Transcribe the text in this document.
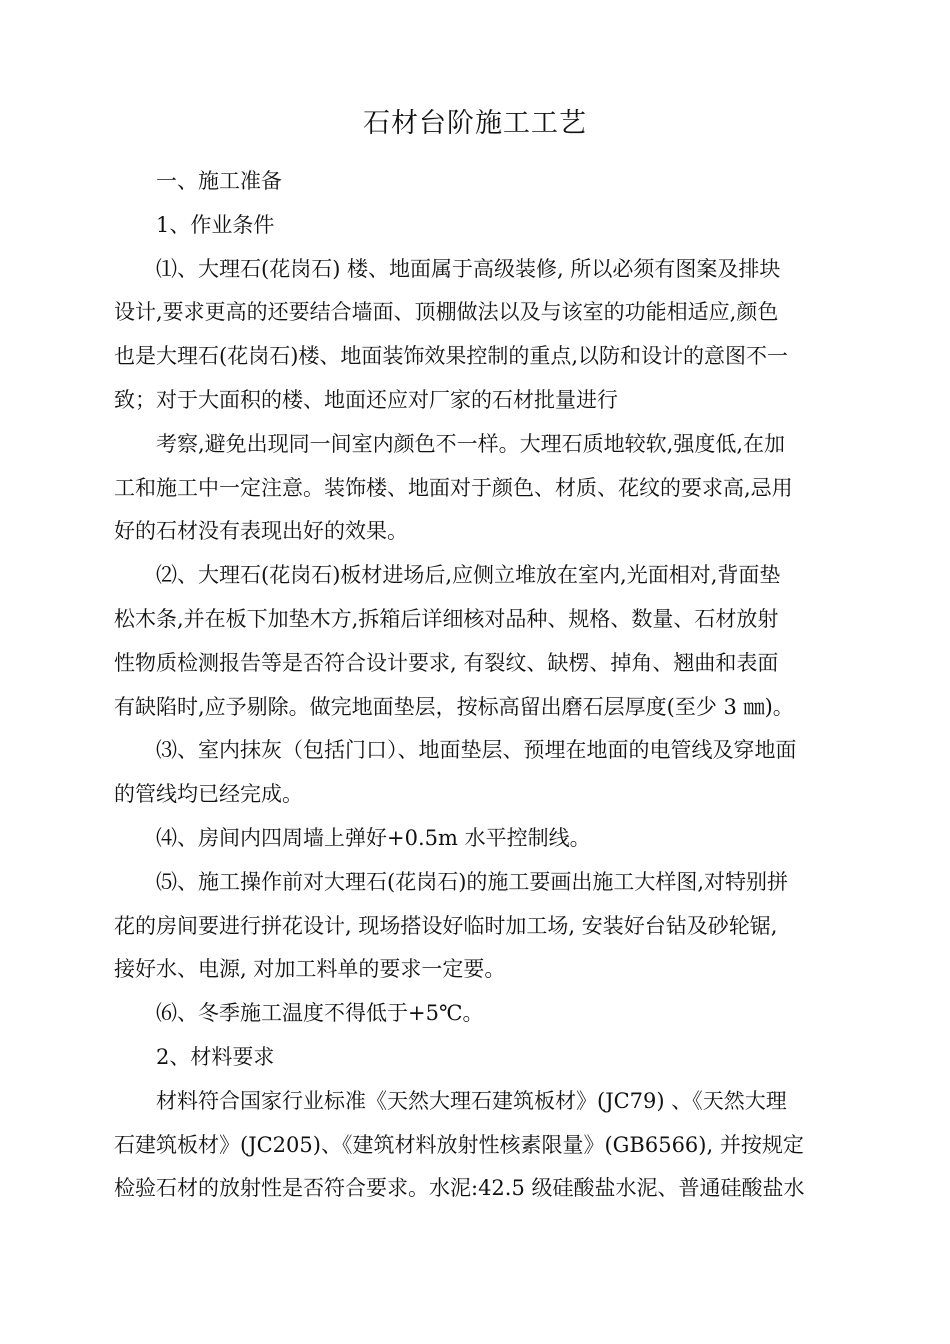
石材台阶施工工艺

一、施工准备

1、作业条件

⑴、大理石(花岗石) 楼、地面属于高级装修, 所以必须有图案及排块
设计,要求更高的还要结合墙面、顶棚做法以及与该室的功能相适应,颜色
也是大理石(花岗石)楼、地面装饰效果控制的重点,以防和设计的意图不一
致；对于大面积的楼、地面还应对厂家的石材批量进行

考察,避免出现同一间室内颜色不一样。大理石质地较软,强度低,在加
工和施工中一定注意。装饰楼、地面对于颜色、材质、花纹的要求高,忌用
好的石材没有表现出好的效果。

⑵、大理石(花岗石)板材进场后,应侧立堆放在室内,光面相对,背面垫
松木条,并在板下加垫木方,拆箱后详细核对品种、规格、数量、石材放射
性物质检测报告等是否符合设计要求, 有裂纹、缺楞、掉角、翘曲和表面
有缺陷时,应予剔除。做完地面垫层，按标高留出磨石层厚度(至少 3 ㎜)。

⑶、室内抹灰（包括门口）、地面垫层、预埋在地面的电管线及穿地面
的管线均已经完成。

⑷、房间内四周墙上弹好+0.5m 水平控制线。

⑸、施工操作前对大理石(花岗石)的施工要画出施工大样图,对特别拼
花的房间要进行拼花设计, 现场搭设好临时加工场, 安装好台钻及砂轮锯,
接好水、电源, 对加工料单的要求一定要。

⑹、冬季施工温度不得低于+5℃。

2、材料要求

材料符合国家行业标准《天然大理石建筑板材》(JC79) 、《天然大理
石建筑板材》(JC205)、《建筑材料放射性核素限量》(GB6566), 并按规定
检验石材的放射性是否符合要求。水泥:42.5 级硅酸盐水泥、普通硅酸盐水
